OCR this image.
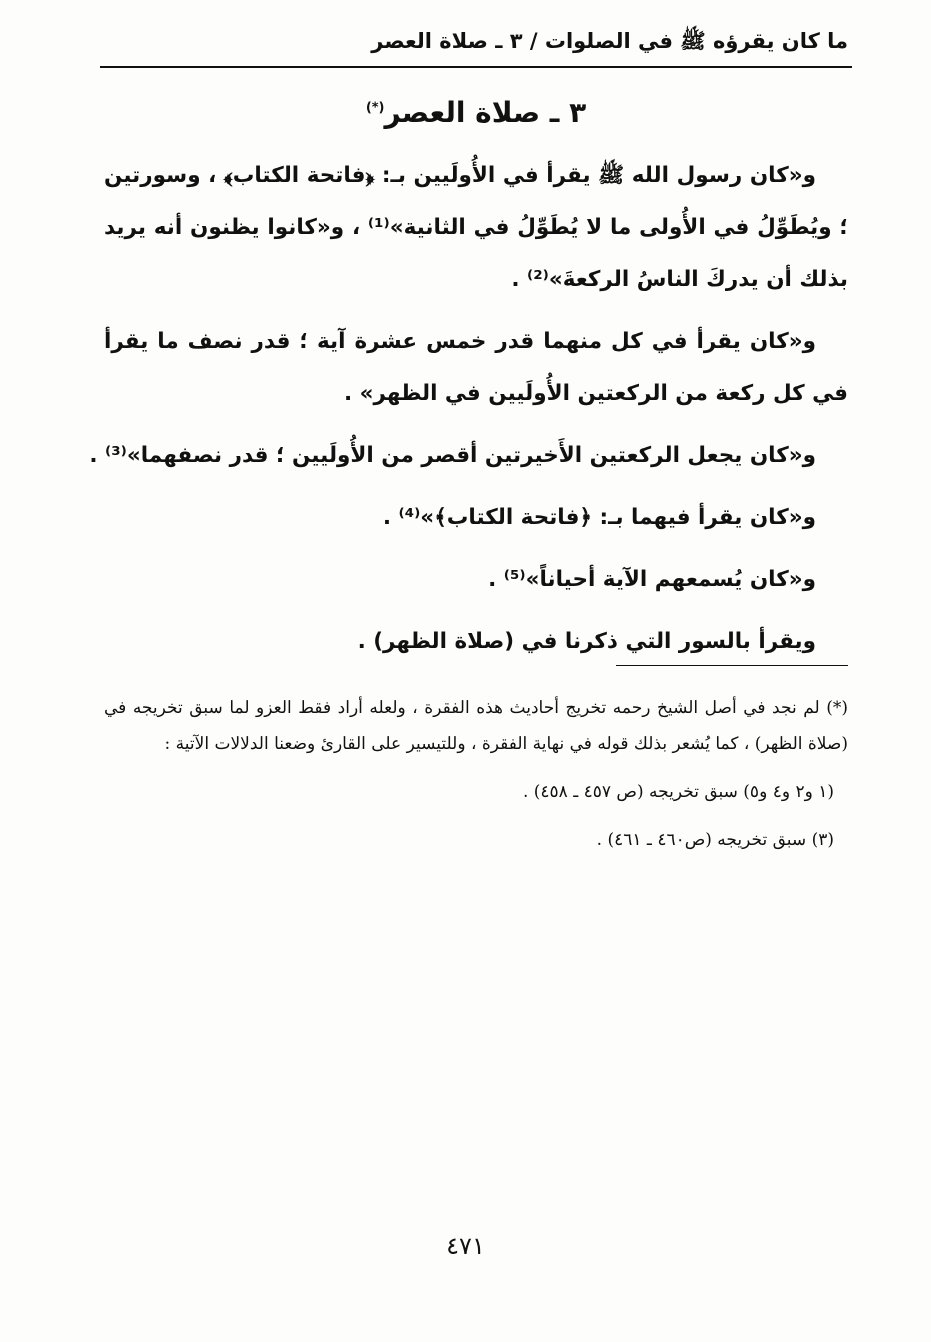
ما كان يقرؤه ﷺ في الصلوات / ٣ ـ صلاة العصر
٣ ـ صلاة العصر(*)

و«كان رسول الله ﷺ يقرأ في الأُولَيين بـ: ﴿فاتحة الكتاب﴾ ، وسورتين ؛ ويُطَوِّلُ في الأُولى ما لا يُطَوِّلُ في الثانية»⁽¹⁾ ، و«كانوا يظنون أنه يريد بذلك أن يدركَ الناسُ الركعةَ»⁽²⁾ .

و«كان يقرأ في كل منهما قدر خمس عشرة آية ؛ قدر نصف ما يقرأ في كل ركعة من الركعتين الأُولَيين في الظهر» .

و«كان يجعل الركعتين الأَخيرتين أقصر من الأُولَيين ؛ قدر نصفهما»⁽³⁾ .

و«كان يقرأ فيهما بـ: ﴿فاتحة الكتاب﴾»⁽⁴⁾ .

و«كان يُسمعهم الآية أحياناً»⁽⁵⁾ .

ويقرأ بالسور التي ذكرنا في (صلاة الظهر) .

(*) لم نجد في أصل الشيخ رحمه تخريج أحاديث هذه الفقرة ، ولعله أراد فقط العزو لما سبق تخريجه في (صلاة الظهر) ، كما يُشعر بذلك قوله في نهاية الفقرة ، وللتيسير على القارئ وضعنا الدلالات الآتية :

(١ و٢ و٤ و٥) سبق تخريجه (ص ٤٥٧ ـ ٤٥٨) .

(٣) سبق تخريجه (ص٤٦٠ ـ ٤٦١) .

٤٧١
